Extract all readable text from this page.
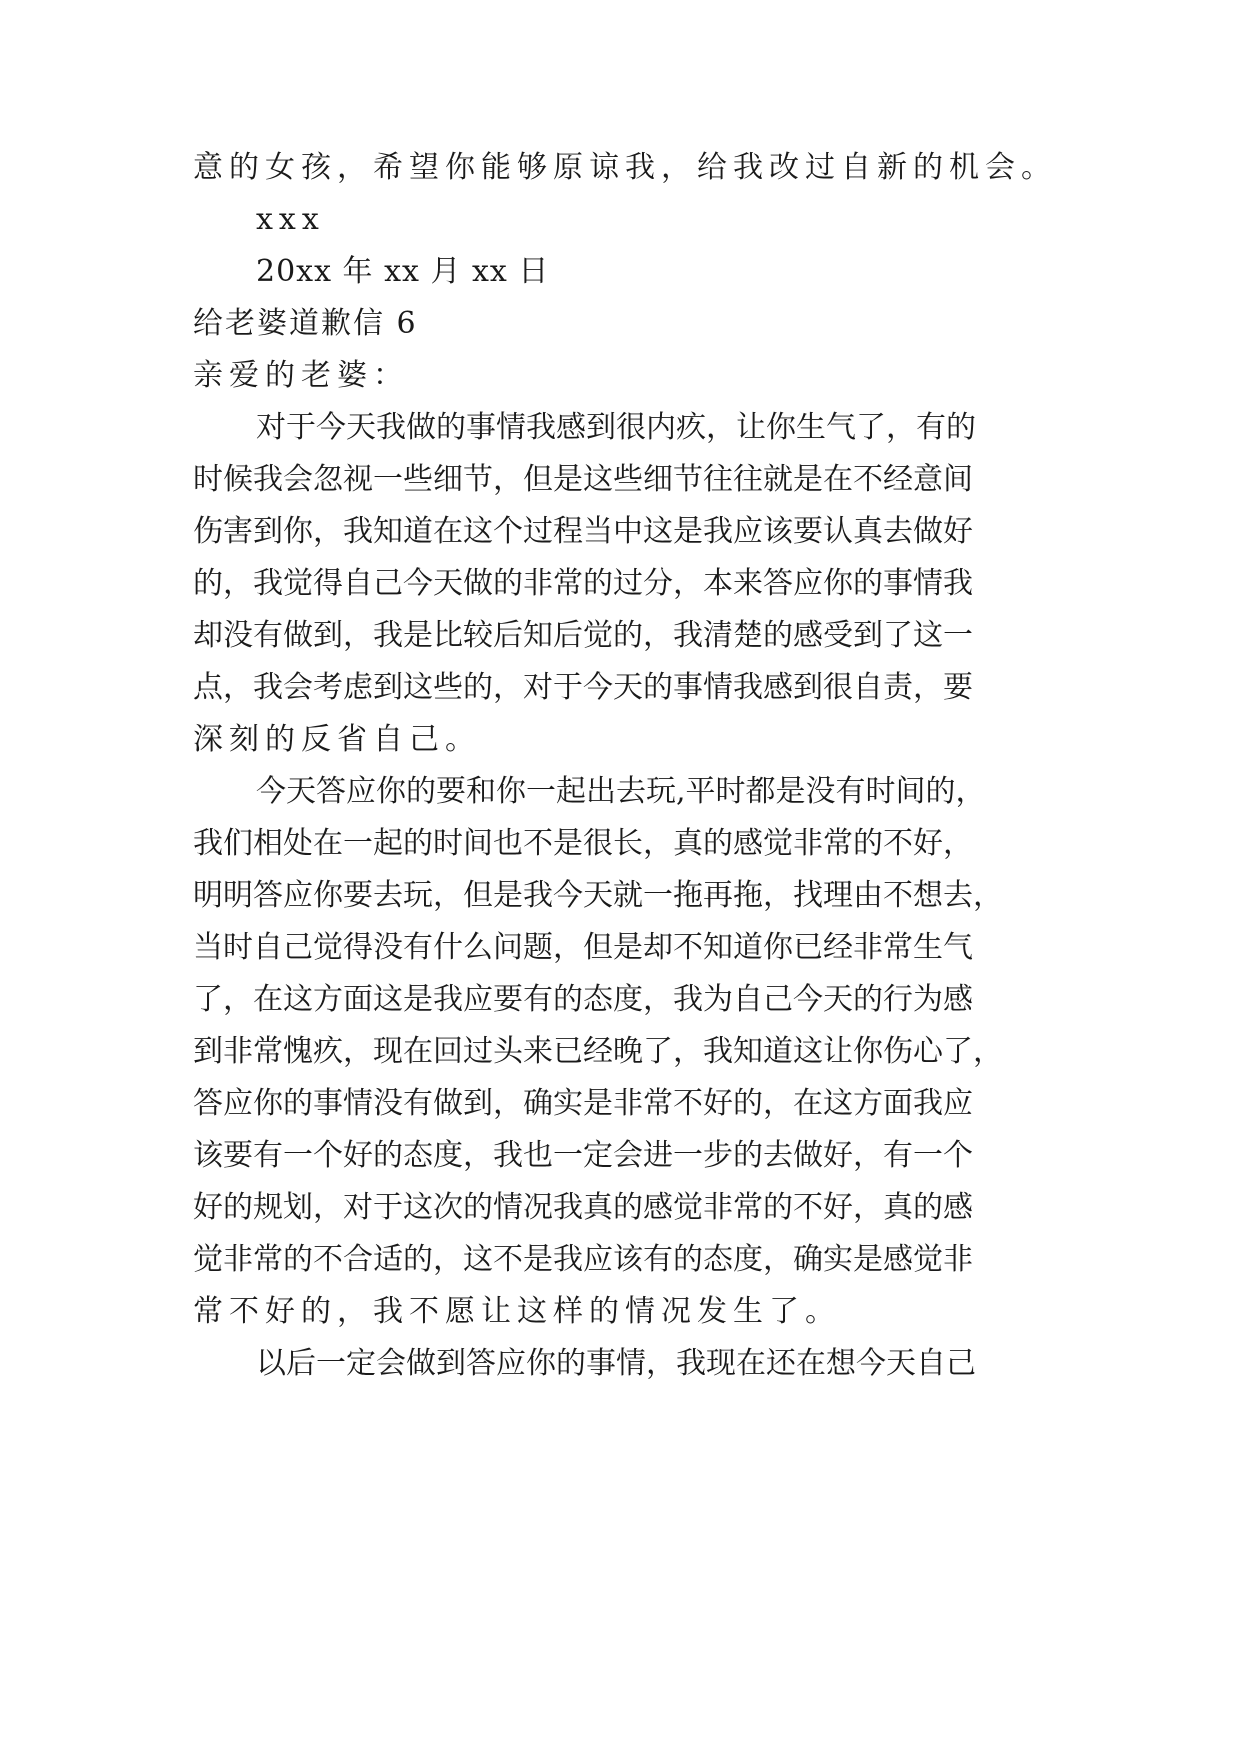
意的女孩，希望你能够原谅我，给我改过自新的机会。
xxx
20xx 年 xx 月 xx 日
给老婆道歉信 6
亲爱的老婆：
对 于 今 天 我 做 的 事 情 我 感 到 很 内 疚 ， 让 你 生 气 了 ， 有 的
时 候 我 会 忽 视 一 些 细 节 ， 但 是 这 些 细 节 往 往 就 是 在 不 经 意 间
伤 害 到 你 ， 我 知 道 在 这 个 过 程 当 中 这 是 我 应 该 要 认 真 去 做 好
的 ， 我 觉 得 自 己 今 天 做 的 非 常 的 过 分 ， 本 来 答 应 你 的 事 情 我
却 没 有 做 到 ， 我 是 比 较 后 知 后 觉 的 ， 我 清 楚 的 感 受 到 了 这 一
点 ， 我 会 考 虑 到 这 些 的 ， 对 于 今 天 的 事 情 我 感 到 很 自 责 ， 要
深刻的反省自己。
今 天 答 应 你 的 要 和 你 一 起 出 去 玩 , 平 时 都 是 没 有 时 间 的 ，
我 们 相 处 在 一 起 的 时 间 也 不 是 很 长 ， 真 的 感 觉 非 常 的 不 好 ，
明 明 答 应 你 要 去 玩 ， 但 是 我 今 天 就 一 拖 再 拖 ， 找 理 由 不 想 去 ，
当 时 自 己 觉 得 没 有 什 么 问 题 ， 但 是 却 不 知 道 你 已 经 非 常 生 气
了 ， 在 这 方 面 这 是 我 应 要 有 的 态 度 ， 我 为 自 己 今 天 的 行 为 感
到 非 常 愧 疚 ， 现 在 回 过 头 来 已 经 晚 了 ， 我 知 道 这 让 你 伤 心 了 ，
答 应 你 的 事 情 没 有 做 到 ， 确 实 是 非 常 不 好 的 ， 在 这 方 面 我 应
该 要 有 一 个 好 的 态 度 ， 我 也 一 定 会 进 一 步 的 去 做 好 ， 有 一 个
好 的 规 划 ， 对 于 这 次 的 情 况 我 真 的 感 觉 非 常 的 不 好 ， 真 的 感
觉 非 常 的 不 合 适 的 ， 这 不 是 我 应 该 有 的 态 度 ， 确 实 是 感 觉 非
常不好的，我不愿让这样的情况发生了。
以 后 一 定 会 做 到 答 应 你 的 事 情 ， 我 现 在 还 在 想 今 天 自 己
